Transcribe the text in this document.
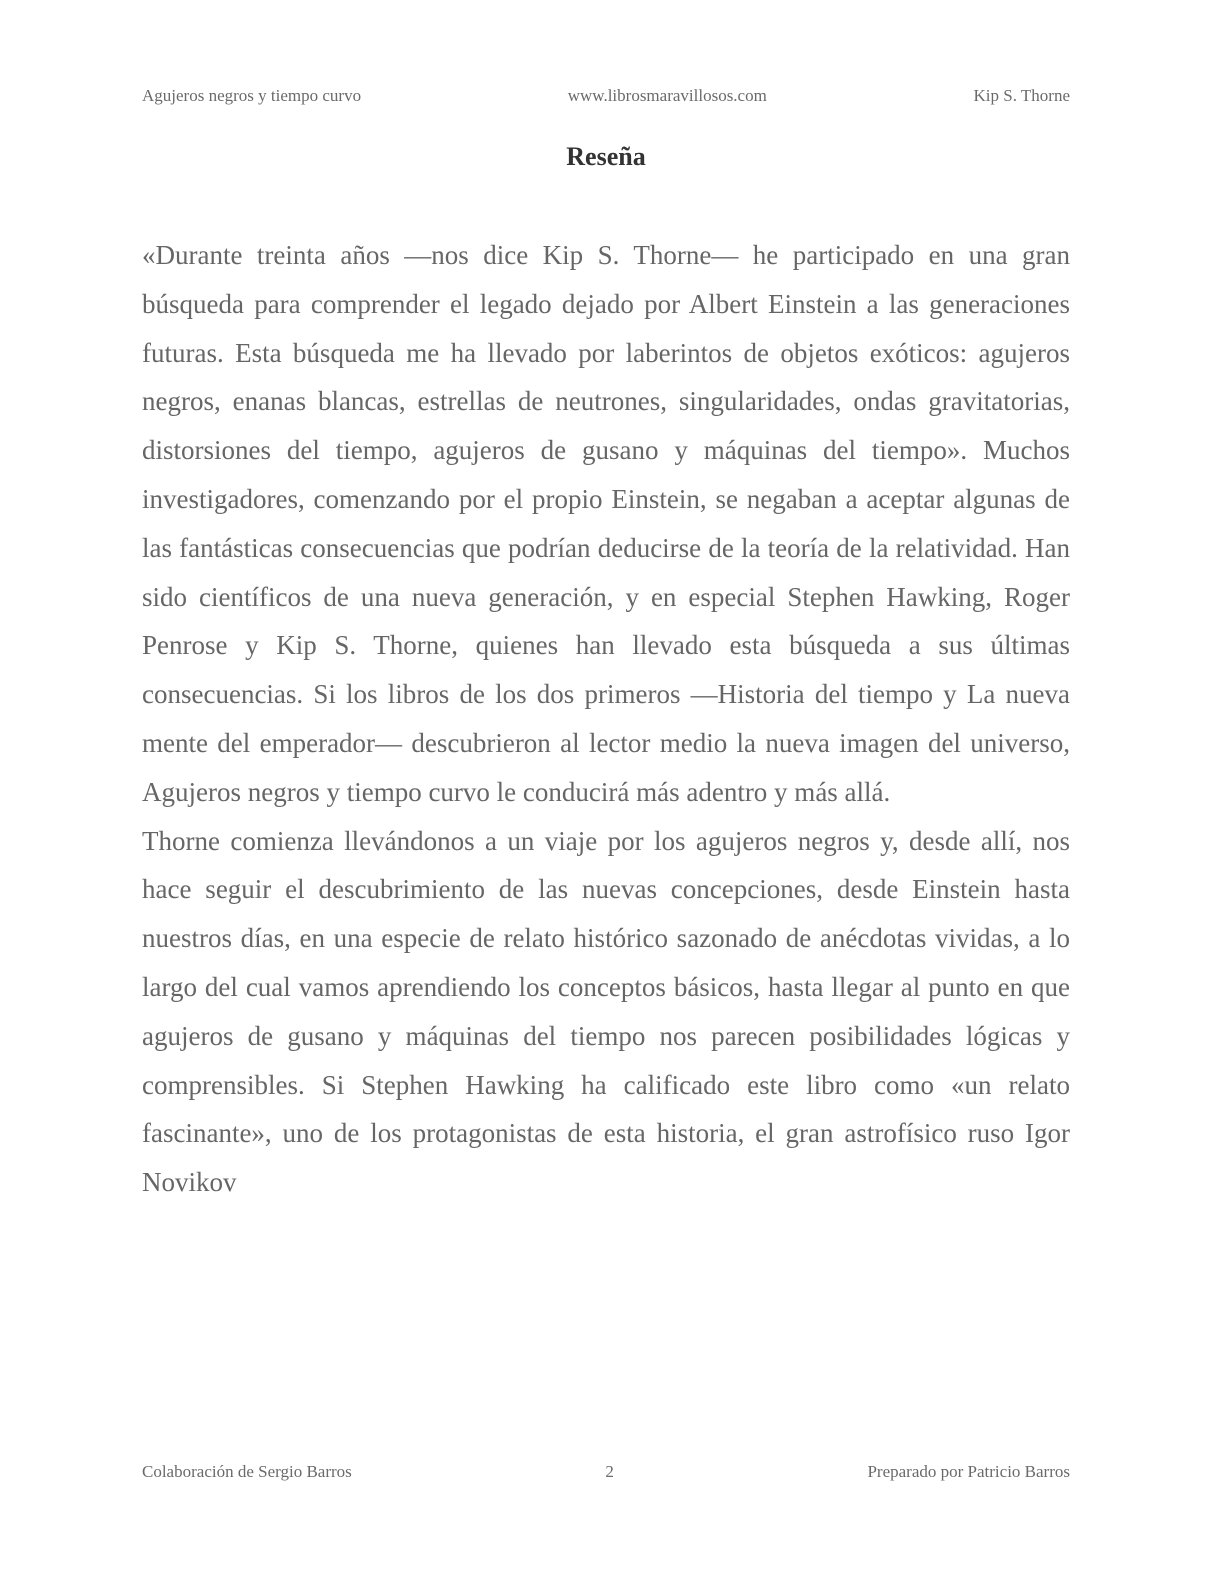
Agujeros negros y tiempo curvo	www.librosmaravillosos.com	Kip S. Thorne
Reseña

«Durante treinta años —nos dice Kip S. Thorne— he participado en una gran búsqueda para comprender el legado dejado por Albert Einstein a las generaciones futuras. Esta búsqueda me ha llevado por laberintos de objetos exóticos: agujeros negros, enanas blancas, estrellas de neutrones, singularidades, ondas gravitatorias, distorsiones del tiempo, agujeros de gusano y máquinas del tiempo». Muchos investigadores, comenzando por el propio Einstein, se negaban a aceptar algunas de las fantásticas consecuencias que podrían deducirse de la teoría de la relatividad. Han sido científicos de una nueva generación, y en especial Stephen Hawking, Roger Penrose y Kip S. Thorne, quienes han llevado esta búsqueda a sus últimas consecuencias. Si los libros de los dos primeros —Historia del tiempo y La nueva mente del emperador— descubrieron al lector medio la nueva imagen del universo, Agujeros negros y tiempo curvo le conducirá más adentro y más allá.

Thorne comienza llevándonos a un viaje por los agujeros negros y, desde allí, nos hace seguir el descubrimiento de las nuevas concepciones, desde Einstein hasta nuestros días, en una especie de relato histórico sazonado de anécdotas vividas, a lo largo del cual vamos aprendiendo los conceptos básicos, hasta llegar al punto en que agujeros de gusano y máquinas del tiempo nos parecen posibilidades lógicas y comprensibles. Si Stephen Hawking ha calificado este libro como «un relato fascinante», uno de los protagonistas de esta historia, el gran astrofísico ruso Igor Novikov

Colaboración de Sergio Barros	2	Preparado por Patricio Barros
